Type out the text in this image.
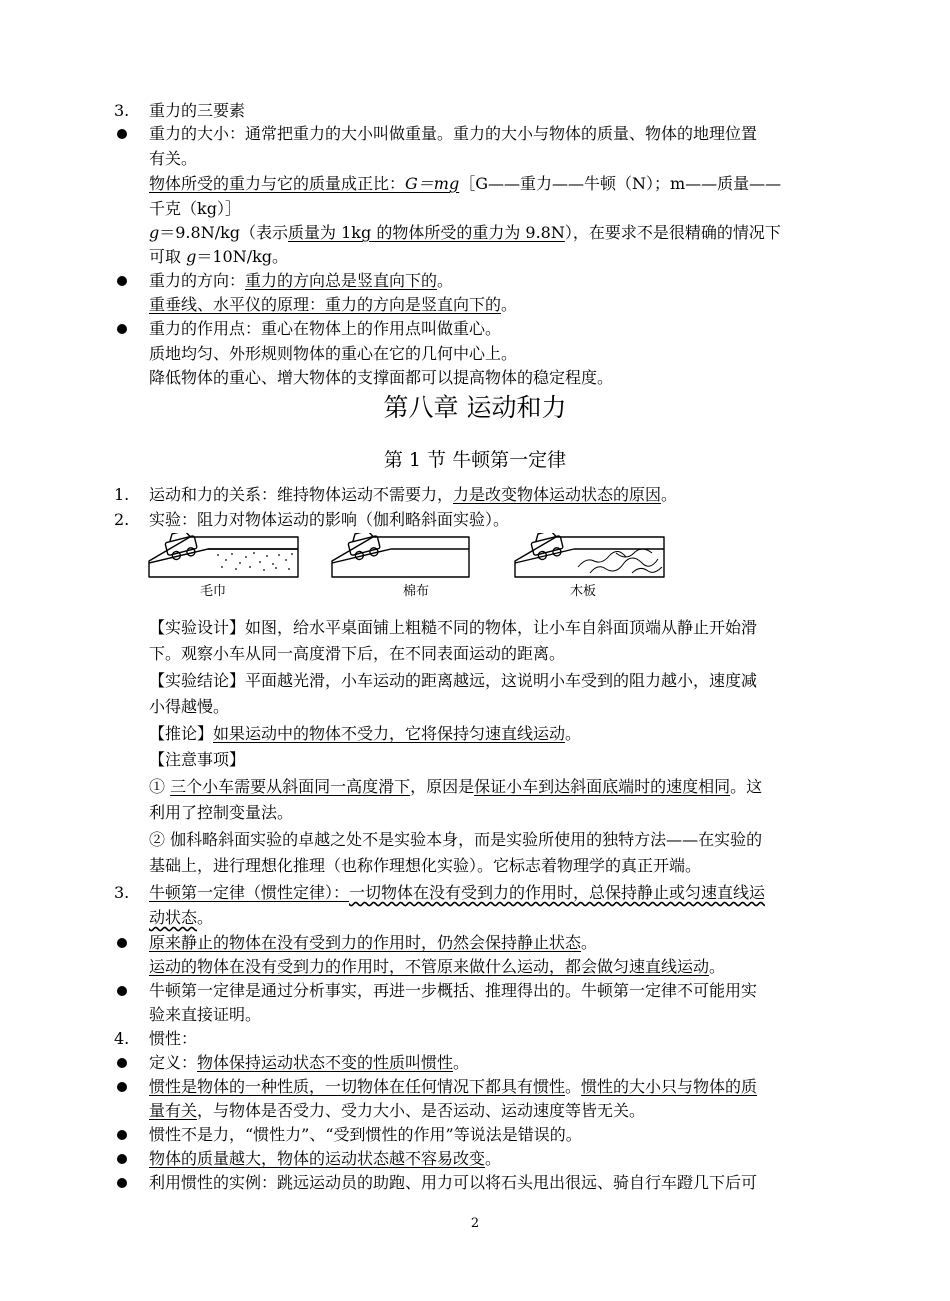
3. 重力的三要素
重力的大小：通常把重力的大小叫做重量。重力的大小与物体的质量、物体的地理位置
有关。
物体所受的重力与它的质量成正比：G＝mg［G——重力——牛顿（N）；m——质量——
千克（kg）］
g＝9.8N/kg（表示质量为 1kg 的物体所受的重力为 9.8N），在要求不是很精确的情况下
可取 g＝10N/kg。
重力的方向：重力的方向总是竖直向下的。
重垂线、水平仪的原理：重力的方向是竖直向下的。
重力的作用点：重心在物体上的作用点叫做重心。
质地均匀、外形规则物体的重心在它的几何中心上。
降低物体的重心、增大物体的支撑面都可以提高物体的稳定程度。
第八章 运动和力
第 1 节 牛顿第一定律
1. 运动和力的关系：维持物体运动不需要力，力是改变物体运动状态的原因。
2. 实验：阻力对物体运动的影响（伽利略斜面实验）。
毛巾	棉布	木板
【实验设计】如图，给水平桌面铺上粗糙不同的物体，让小车自斜面顶端从静止开始滑
下。观察小车从同一高度滑下后，在不同表面运动的距离。
【实验结论】平面越光滑，小车运动的距离越远，这说明小车受到的阻力越小，速度减
小得越慢。
【推论】如果运动中的物体不受力，它将保持匀速直线运动。
【注意事项】
① 三个小车需要从斜面同一高度滑下，原因是保证小车到达斜面底端时的速度相同。这
利用了控制变量法。
② 伽科略斜面实验的卓越之处不是实验本身，而是实验所使用的独特方法——在实验的
基础上，进行理想化推理（也称作理想化实验）。它标志着物理学的真正开端。
3. 牛顿第一定律（惯性定律）：一切物体在没有受到力的作用时，总保持静止或匀速直线运
动状态。
原来静止的物体在没有受到力的作用时，仍然会保持静止状态。
运动的物体在没有受到力的作用时，不管原来做什么运动，都会做匀速直线运动。
牛顿第一定律是通过分析事实，再进一步概括、推理得出的。牛顿第一定律不可能用实
验来直接证明。
4. 惯性：
定义：物体保持运动状态不变的性质叫惯性。
惯性是物体的一种性质，一切物体在任何情况下都具有惯性。惯性的大小只与物体的质
量有关，与物体是否受力、受力大小、是否运动、运动速度等皆无关。
惯性不是力，“惯性力”、“受到惯性的作用”等说法是错误的。
物体的质量越大，物体的运动状态越不容易改变。
利用惯性的实例：跳远运动员的助跑、用力可以将石头甩出很远、骑自行车蹬几下后可
2
